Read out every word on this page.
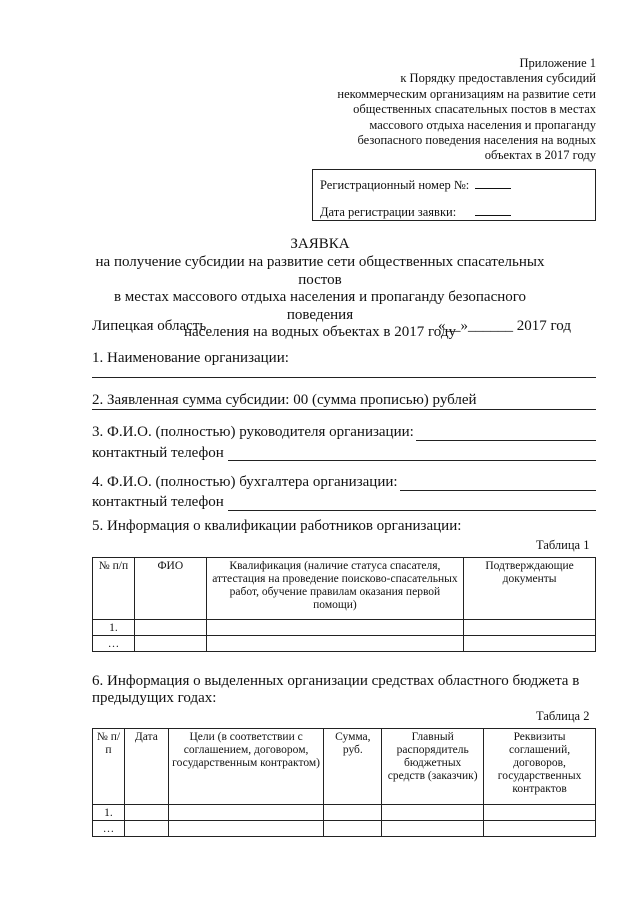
Приложение 1
к Порядку предоставления субсидий
некоммерческим организациям на развитие сети
общественных спасательных постов в местах
массового отдыха населения и пропаганду
безопасного поведения населения на водных
объектах в 2017 году
Регистрационный номер №:
Дата регистрации заявки:
ЗАЯВКА
на получение субсидии на развитие сети общественных спасательных постов
в местах массового отдыха населения и пропаганду безопасного поведения
населения на водных объектах в 2017 году
Липецкая область	«__»______ 2017 год
1. Наименование организации:
2. Заявленная сумма субсидии: 00 (сумма прописью) рублей
3. Ф.И.О. (полностью) руководителя организации:
контактный телефон
4. Ф.И.О. (полностью) бухгалтера организации:
контактный телефон
5. Информация о квалификации работников организации:
Таблица 1
№ п/п	ФИО	Квалификация (наличие статуса спасателя, аттестация на проведение поисково-спасательных работ, обучение правилам оказания первой помощи)	Подтверждающие документы
1.			
…			
6. Информация о выделенных организации средствах областного бюджета в
предыдущих годах:
Таблица 2
№ п/п	Дата	Цели (в соответствии с соглашением, договором, государственным контрактом)	Сумма, руб.	Главный распорядитель бюджетных средств (заказчик)	Реквизиты соглашений, договоров, государственных контрактов
1.					
…					
